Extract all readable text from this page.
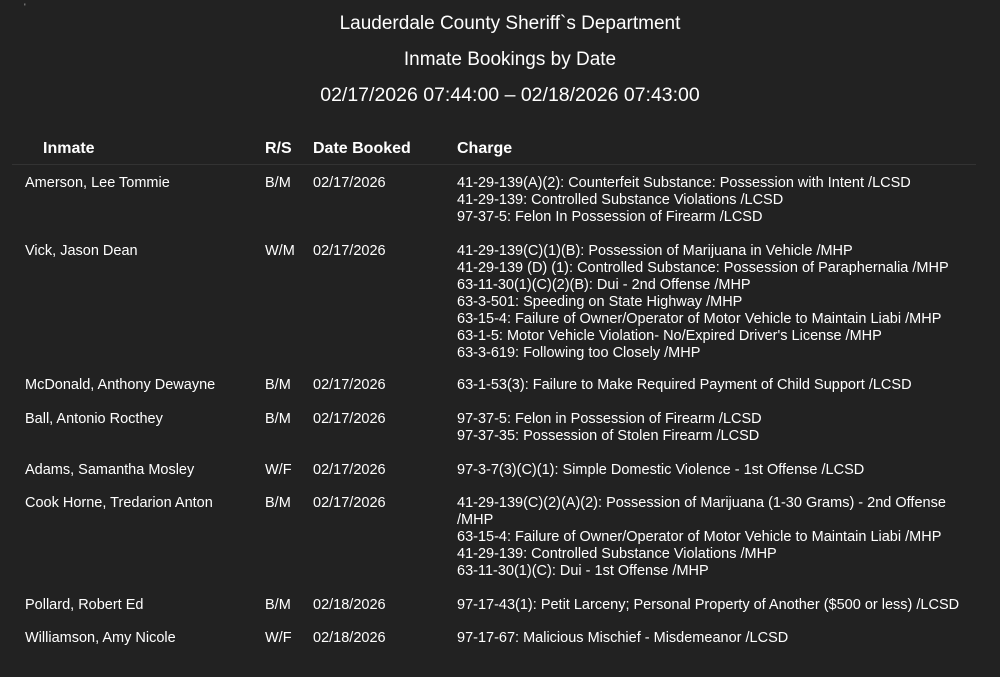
'
Lauderdale County Sheriff`s Department
Inmate Bookings by Date
02/17/2026 07:44:00 – 02/18/2026 07:43:00
Inmate	R/S Date Booked	Charge
Amerson, Lee Tommie	B/M 02/17/2026	41-29-139(A)(2): Counterfeit Substance: Possession with Intent /LCSD
41-29-139: Controlled Substance Violations /LCSD
97-37-5: Felon In Possession of Firearm /LCSD
Vick, Jason Dean	W/M 02/17/2026	41-29-139(C)(1)(B): Possession of Marijuana in Vehicle /MHP
41-29-139 (D) (1): Controlled Substance: Possession of Paraphernalia /MHP
63-11-30(1)(C)(2)(B): Dui - 2nd Offense /MHP
63-3-501: Speeding on State Highway /MHP
63-15-4: Failure of Owner/Operator of Motor Vehicle to Maintain Liabi /MHP
63-1-5: Motor Vehicle Violation- No/Expired Driver's License /MHP
63-3-619: Following too Closely /MHP
McDonald, Anthony Dewayne	B/M 02/17/2026	63-1-53(3): Failure to Make Required Payment of Child Support /LCSD
Ball, Antonio Rocthey	B/M 02/17/2026	97-37-5: Felon in Possession of Firearm /LCSD
97-37-35: Possession of Stolen Firearm /LCSD
Adams, Samantha Mosley	W/F 02/17/2026	97-3-7(3)(C)(1): Simple Domestic Violence - 1st Offense /LCSD
Cook Horne, Tredarion Anton	B/M 02/17/2026	41-29-139(C)(2)(A)(2): Possession of Marijuana (1-30 Grams) - 2nd Offense
/MHP
63-15-4: Failure of Owner/Operator of Motor Vehicle to Maintain Liabi /MHP
41-29-139: Controlled Substance Violations /MHP
63-11-30(1)(C): Dui - 1st Offense /MHP
Pollard, Robert Ed	B/M 02/18/2026	97-17-43(1): Petit Larceny; Personal Property of Another ($500 or less) /LCSD
Williamson, Amy Nicole	W/F 02/18/2026	97-17-67: Malicious Mischief - Misdemeanor /LCSD
